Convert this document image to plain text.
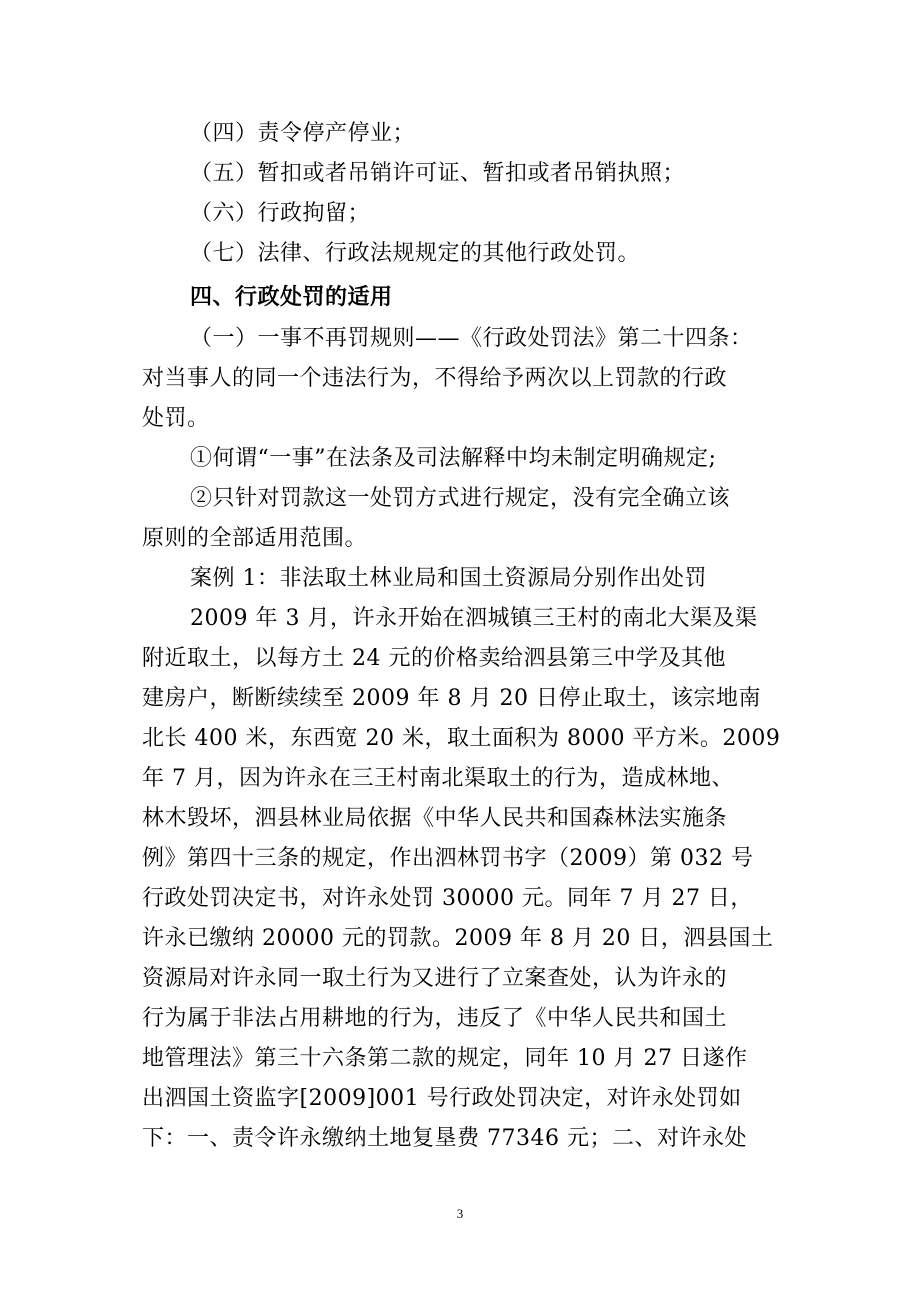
（四）责令停产停业；
（五）暂扣或者吊销许可证、暂扣或者吊销执照；
（六）行政拘留；
（七）法律、行政法规规定的其他行政处罚。
四、行政处罚的适用
（一）一事不再罚规则——《行政处罚法》第二十四条：
对当事人的同一个违法行为，不得给予两次以上罚款的行政
处罚。
①何谓“一事”在法条及司法解释中均未制定明确规定;
②只针对罚款这一处罚方式进行规定，没有完全确立该
原则的全部适用范围。
案例 1：非法取土林业局和国土资源局分别作出处罚
2009 年 3 月，许永开始在泗城镇三王村的南北大渠及渠
附近取土，以每方土 24 元的价格卖给泗县第三中学及其他
建房户，断断续续至 2009 年 8 月 20 日停止取土，该宗地南
北长 400 米，东西宽 20 米，取土面积为 8000 平方米。2009
年 7 月，因为许永在三王村南北渠取土的行为，造成林地、
林木毁坏，泗县林业局依据《中华人民共和国森林法实施条
例》第四十三条的规定，作出泗林罚书字（2009）第 032 号
行政处罚决定书，对许永处罚 30000 元。同年 7 月 27 日，
许永已缴纳 20000 元的罚款。2009 年 8 月 20 日，泗县国土
资源局对许永同一取土行为又进行了立案查处，认为许永的
行为属于非法占用耕地的行为，违反了《中华人民共和国土
地管理法》第三十六条第二款的规定，同年 10 月 27 日遂作
出泗国土资监字[2009]001 号行政处罚决定，对许永处罚如
下：一、责令许永缴纳土地复垦费 77346 元；二、对许永处
3
